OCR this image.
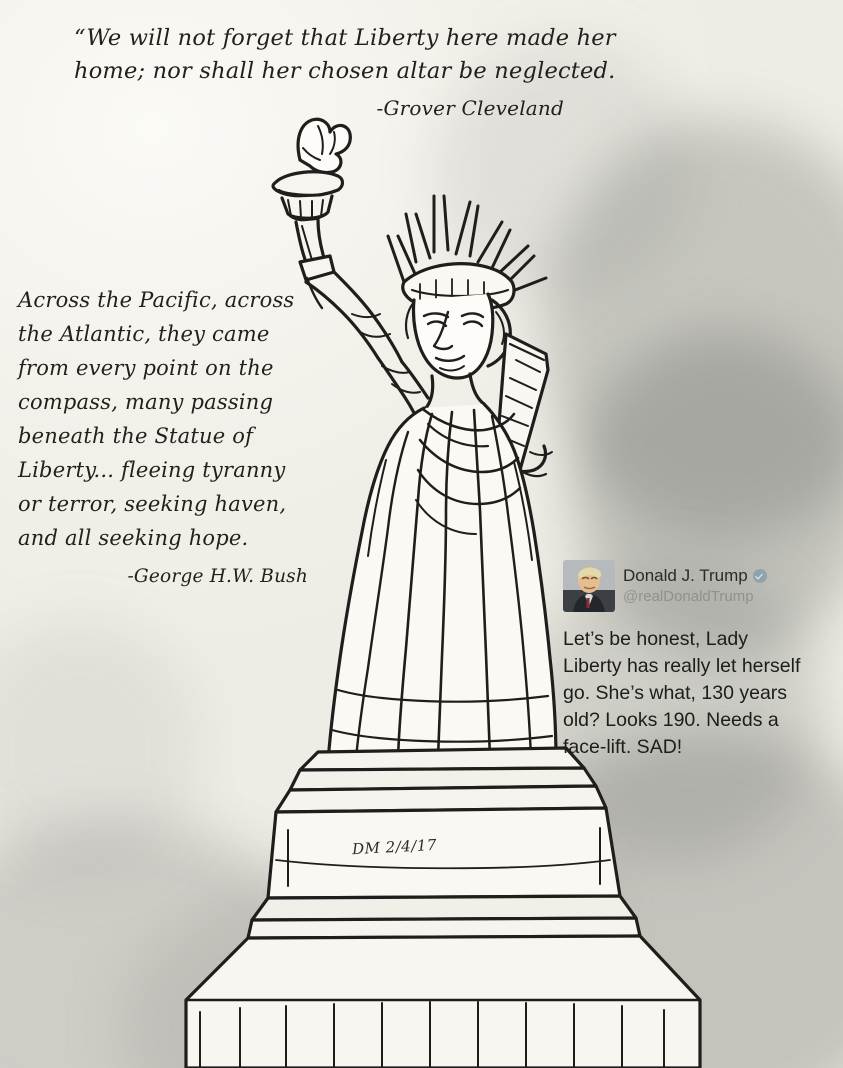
“We will not forget that Liberty here made her home; nor shall her chosen altar be neglected.
-Grover Cleveland
Across the Pacific, across the Atlantic, they came from every point on the compass, many passing beneath the Statue of Liberty... fleeing tyranny or terror, seeking haven, and all seeking hope.
-George H.W. Bush	Donald J. Trump
@realDonaldTrump
Let’s be honest, Lady Liberty has really let herself go. She’s what, 130 years old? Looks 190. Needs a face-lift. SAD!
DM 2/4/17
